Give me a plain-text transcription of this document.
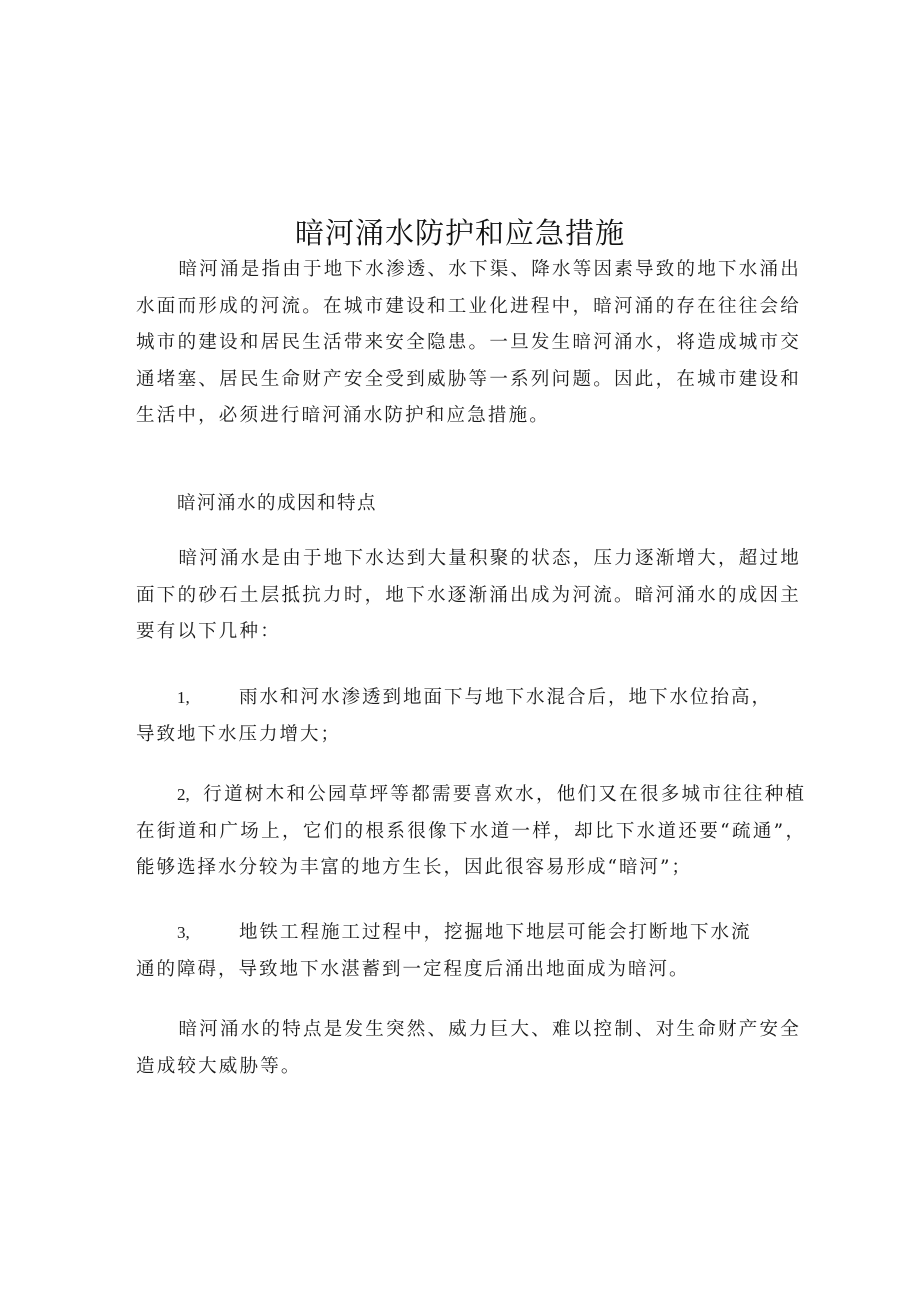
暗河涌水防护和应急措施

暗河涌是指由于地下水渗透、水下渠、降水等因素导致的地下水涌出水面而形成的河流。在城市建设和工业化进程中，暗河涌的存在往往会给城市的建设和居民生活带来安全隐患。一旦发生暗河涌水，将造成城市交通堵塞、居民生命财产安全受到威胁等一系列问题。因此，在城市建设和生活中，必须进行暗河涌水防护和应急措施。

暗河涌水的成因和特点

暗河涌水是由于地下水达到大量积聚的状态，压力逐渐增大，超过地面下的砂石土层抵抗力时，地下水逐渐涌出成为河流。暗河涌水的成因主要有以下几种：

1,	雨水和河水渗透到地面下与地下水混合后，地下水位抬高，
导致地下水压力增大；
2, 行道树木和公园草坪等都需要喜欢水，他们又在很多城市往往种植在街道和广场上，它们的根系很像下水道一样，却比下水道还要“疏通”，能够选择水分较为丰富的地方生长，因此很容易形成“暗河”；
3,	地铁工程施工过程中，挖掘地下地层可能会打断地下水流
通的障碍，导致地下水湛蓄到一定程度后涌出地面成为暗河。

暗河涌水的特点是发生突然、威力巨大、难以控制、对生命财产安全造成较大威胁等。
